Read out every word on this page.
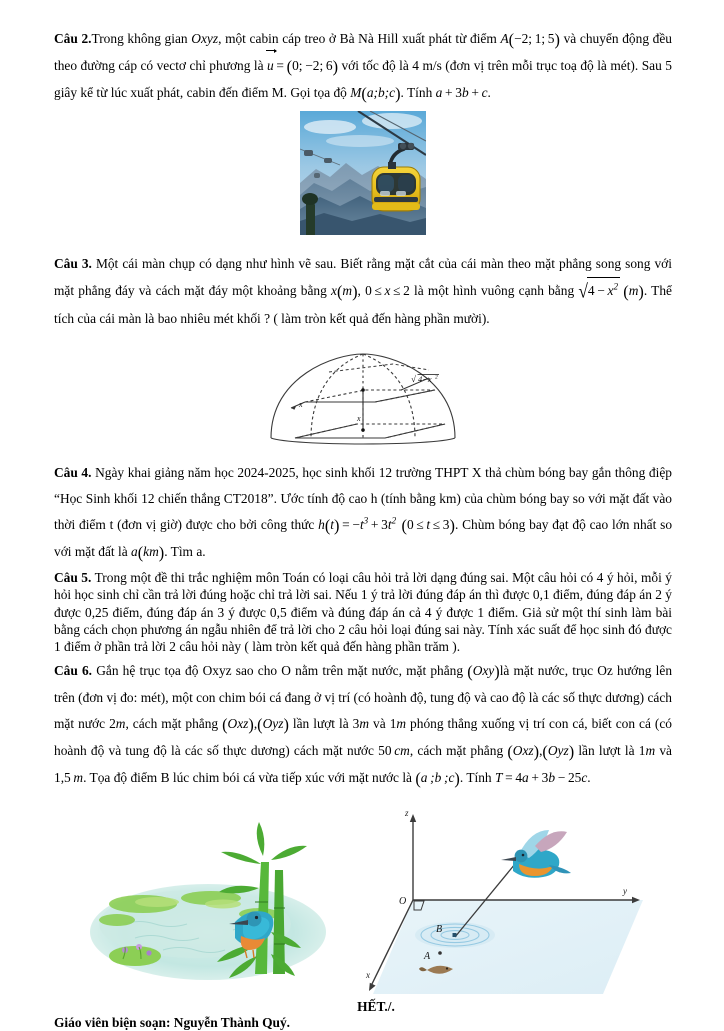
Câu 2.Trong không gian Oxyz, một cabin cáp treo ở Bà Nà Hill xuất phát từ điểm A(−2; 1; 5) và chuyển động đều theo đường cáp có vectơ chỉ phương là u = (0; −2; 6) với tốc độ là 4 m/s (đơn vị trên mỗi trục toạ độ là mét). Sau 5 giây kể từ lúc xuất phát, cabin đến điểm M. Gọi tọa độ M(a;b;c). Tính a + 3b + c.

Câu 3. Một cái màn chụp có dạng như hình vẽ sau. Biết rằng mặt cắt của cái màn theo mặt phẳng song song với mặt phẳng đáy và cách mặt đáy một khoảng bằng x(m), 0 ≤ x ≤ 2 là một hình vuông cạnh bằng $√4 - x^2$ (m). Thể tích của cái màn là bao nhiêu mét khối ? ( làm tròn kết quả đến hàng phần mười).

x
x
√ 4−x 2

Câu 4. Ngày khai giảng năm học 2024-2025, học sinh khối 12 trường THPT X thả chùm bóng bay gắn thông điệp “Học Sinh khối 12 chiến thắng CT2018”. Ước tính độ cao h (tính bằng km) của chùm bóng bay so với mặt đất vào thời điểm t (đơn vị giờ) được cho bởi công thức $h(t) = -t^3 + 3t^2$   (0 ≤ t ≤ 3). Chùm bóng bay đạt độ cao lớn nhất so với mặt đất là a(km). Tìm a.

Câu 5. Trong một đề thi trắc nghiệm môn Toán có loại câu hỏi trả lời dạng đúng sai. Một câu hỏi có 4 ý hỏi, mỗi ý hỏi học sinh chỉ cần trả lời đúng hoặc chỉ trả lời sai. Nếu 1 ý trả lời đúng đáp án thì được 0,1 điểm, đúng đáp án 2 ý được 0,25 điểm, đúng đáp án 3 ý được 0,5 điểm và đúng đáp án cả 4 ý được 1 điểm. Giả sử một thí sinh làm bài bằng cách chọn phương án ngẫu nhiên để trả lời cho 2 câu hỏi loại đúng sai này. Tính xác suất để học sinh đó được 1 điểm ở phần trả lời 2 câu hỏi này ( làm tròn kết quả đến hàng phần trăm ).

Câu 6. Gắn hệ trục tọa độ Oxyz sao cho O nằm trên mặt nước, mặt phẳng (Oxy)là mặt nước, trục Oz hướng lên trên (đơn vị đo: mét), một con chim bói cá đang ở vị trí (có hoành độ, tung độ và cao độ là các số thực dương) cách mặt nước 2m, cách mặt phẳng (Oxz),(Oyz) lần lượt là 3m và 1m phóng thẳng xuống vị trí con cá, biết con cá (có hoành độ và tung độ là các số thực dương) cách mặt nước 50 cm, cách mặt phẳng (Oxz),(Oyz) lần lượt là 1m và 1,5 m. Tọa độ điểm B lúc chim bói cá vừa tiếp xúc với mặt nước là (a ;b ;c). Tính T = 4a + 3b − 25c.

z
y
x
O
B
A

HẾT./.

Giáo viên biện soạn: Nguyễn Thành Quý.
